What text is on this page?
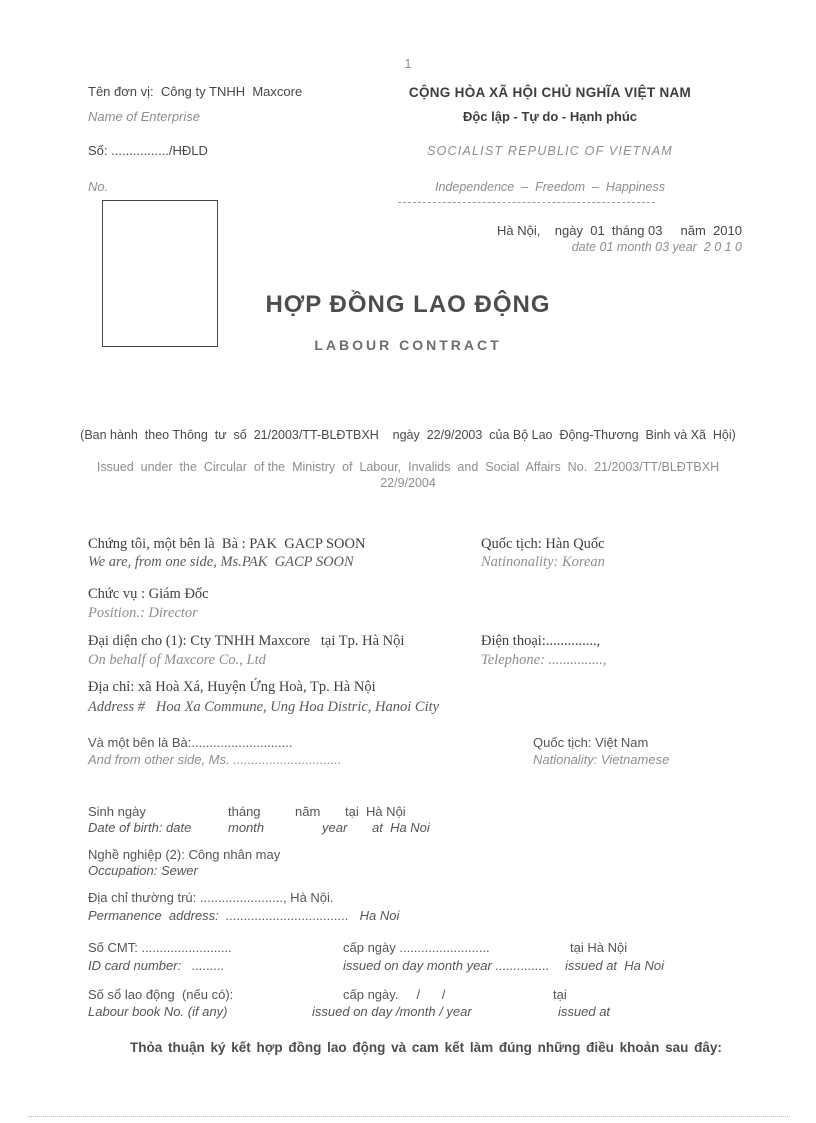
1
Tên đơn vị:  Công ty TNHH  Maxcore
Name of Enterprise
Số: ................/HĐLD
No.
CỘNG HÒA XÃ HỘI CHỦ NGHĨA VIỆT NAM
Độc lập - Tự do - Hạnh phúc
SOCIALIST REPUBLIC OF VIETNAM
Independence  –  Freedom  –  Happiness
Hà Nội,    ngày  01  tháng 03     năm  2010
date 01 month 03 year  2 0 1 0
HỢP ĐỒNG LAO ĐỘNG
LABOUR CONTRACT
(Ban hành  theo Thông  tư  số  21/2003/TT-BLĐTBXH    ngày  22/9/2003  của Bộ Lao  Động-Thương  Binh và Xã  Hội)
Issued  under  the  Circular  of the  Ministry  of  Labour,  Invalids  and  Social  Affairs  No.  21/2003/TT/BLĐTBXH
22/9/2004
Chứng tôi, một bên là  Bà : PAK  GACP SOON	Quốc tịch: Hàn Quốc
We are, from one side, Ms.PAK  GACP SOON	Natinonality: Korean
Chức vụ : Giám Đốc
Position.: Director
Đại diện cho (1): Cty TNHH Maxcore   tại Tp. Hà Nội	Điện thoại:..............,
On behalf of Maxcore Co., Ltd	Telephone: ...............,
Địa chỉ: xã Hoà Xá, Huyện Ứng Hoà, Tp. Hà Nội
Address #   Hoa Xa Commune, Ung Hoa Distric, Hanoi City
Và một bên là Bà:............................	Quốc tịch: Việt Nam
And from other side, Ms. ..............................	Nationality: Vietnamese
Sinh ngày	tháng	năm tại  Hà Nội
Date of birth: date	month	year at  Ha Noi
Nghề nghiệp (2): Công nhân may
Occupation: Sewer
Địa chỉ thường trú: ......................., Hà Nội.
Permanence  address:  ..................................   Ha Noi
Số CMT: .........................	cấp ngày .........................	tại Hà Nội
ID card number:   .........	issued on day month year ............... issued at  Ha Noi
Số sổ lao động  (nếu có):	cấp ngày.     /      /	tại
Labour book No. (if any)	issued on day /month / year	issued at
Thỏa thuận ký kết hợp đồng lao động và cam kết làm đúng những điều khoản sau đây:
